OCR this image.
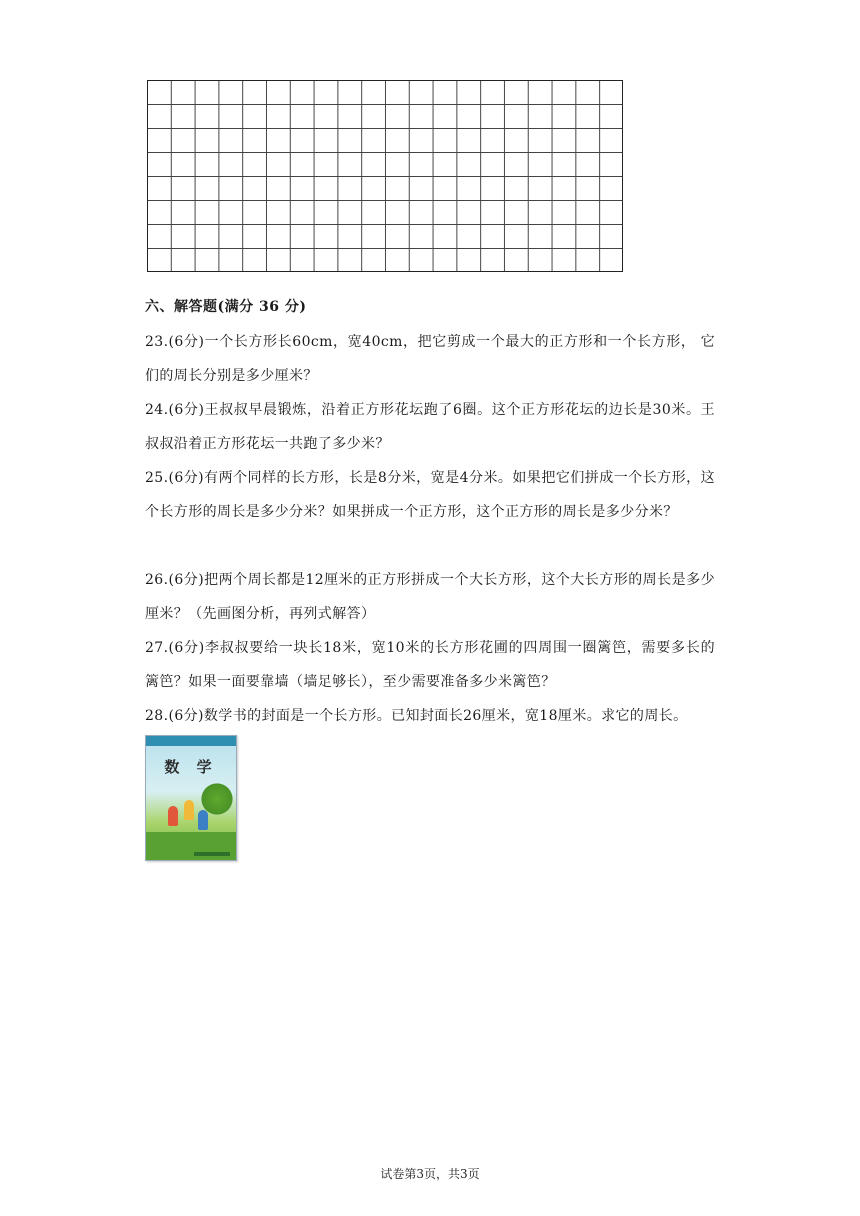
六、解答题(满分 36 分)

23.(6分)一个长方形长60cm，宽40cm，把它剪成一个最大的正方形和一个长方形， 它们的周长分别是多少厘米？

24.(6分)王叔叔早晨锻炼，沿着正方形花坛跑了6圈。这个正方形花坛的边长是30米。王叔叔沿着正方形花坛一共跑了多少米？

25.(6分)有两个同样的长方形，长是8分米，宽是4分米。如果把它们拼成一个长方形，这个长方形的周长是多少分米？如果拼成一个正方形，这个正方形的周长是多少分米？

26.(6分)把两个周长都是12厘米的正方形拼成一个大长方形，这个大长方形的周长是多少厘米？（先画图分析，再列式解答）

27.(6分)李叔叔要给一块长18米，宽10米的长方形花圃的四周围一圈篱笆，需要多长的篱笆？如果一面要靠墙（墙足够长），至少需要准备多少米篱笆？

28.(6分)数学书的封面是一个长方形。已知封面长26厘米，宽18厘米。求它的周长。

数 学

试卷第3页，共3页
